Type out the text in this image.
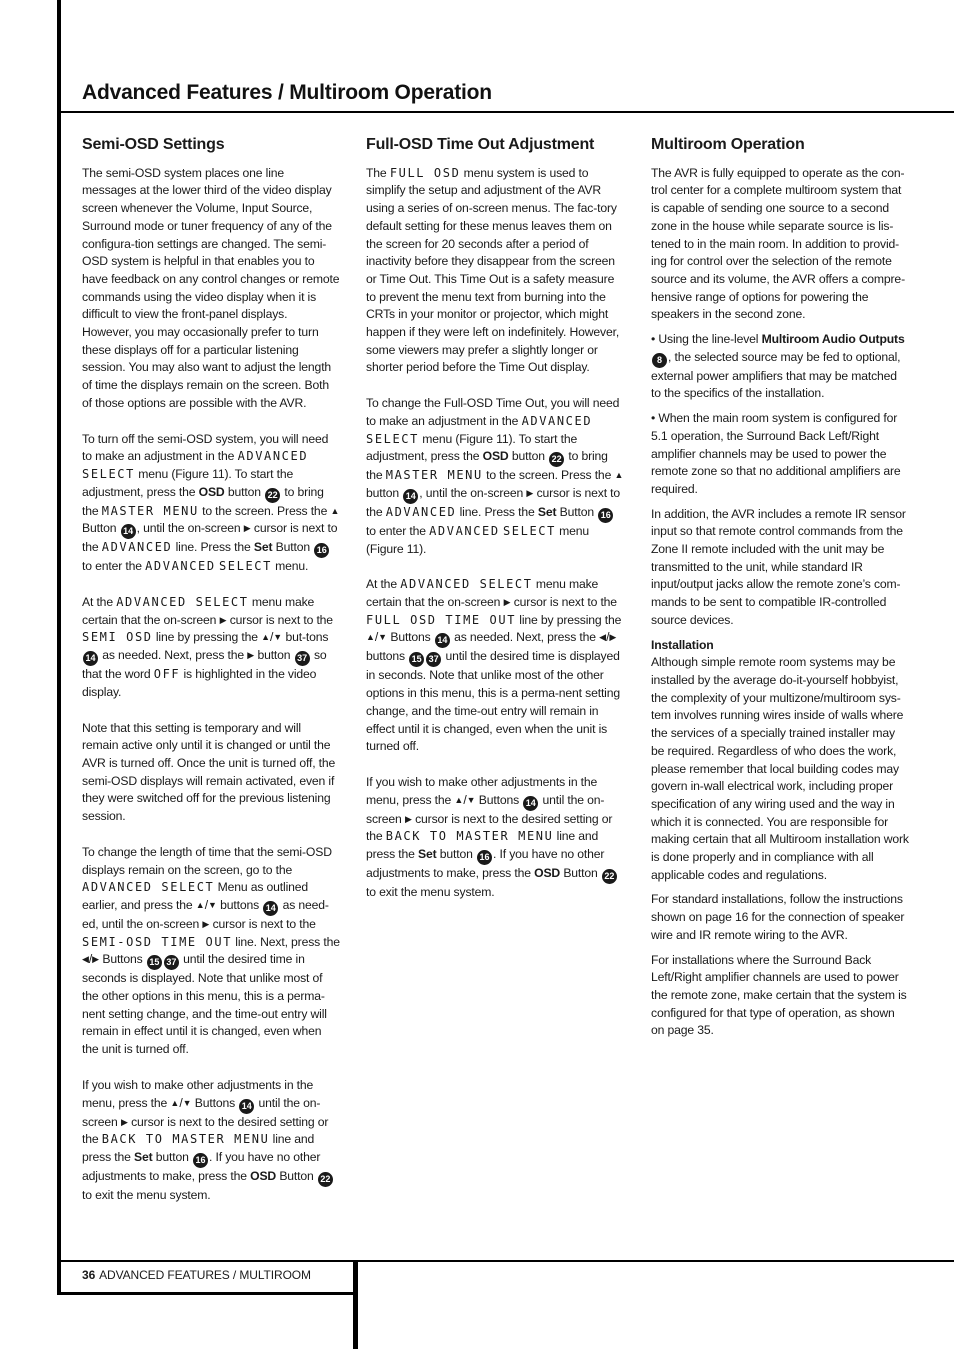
Advanced Features / Multiroom Operation
Semi-OSD Settings

The semi-OSD system places one line messages at the lower third of the video display screen whenever the Volume, Input Source, Surround mode or tuner frequency of any of the configura-tion settings are changed. The semi-OSD system is helpful in that enables you to have feedback on any control changes or remote commands using the video display when it is difficult to view the front-panel displays. However, you may occasionally prefer to turn these displays off for a particular listening session. You may also want to adjust the length of time the displays remain on the screen. Both of those options are possible with the AVR.

To turn off the semi-OSD system, you will need to make an adjustment in the ADVANCED SELECT menu (Figure 11). To start the adjustment, press the OSD button 22 to bring the MASTER MENU to the screen. Press the ▲ Button 14 , until the on-screen ▶ cursor is next to the ADVANCED line. Press the Set Button 16 to enter the ADVANCED SELECT menu.

At the ADVANCED SELECT menu make certain that the on-screen ▶ cursor is next to the SEMI OSD line by pressing the ▲/▼ but-tons 14 as needed. Next, press the ▶ button 37 so that the word OFF is highlighted in the video display.

Note that this setting is temporary and will remain active only until it is changed or until the AVR is turned off. Once the unit is turned off, the semi-OSD displays will remain activated, even if they were switched off for the previous listening session.

To change the length of time that the semi-OSD displays remain on the screen, go to the ADVANCED SELECT Menu as outlined earlier, and press the ▲/▼ buttons 14 as need-ed, until the on-screen ▶ cursor is next to the SEMI-OSD TIME OUT line. Next, press the ◀/▶ Buttons 15 37 until the desired time in seconds is displayed. Note that unlike most of the other options in this menu, this is a perma-nent setting change, and the time-out entry will remain in effect until it is changed, even when the unit is turned off.

If you wish to make other adjustments in the menu, press the ▲/▼ Buttons 14 until the on-screen ▶ cursor is next to the desired setting or the BACK TO MASTER MENU line and press the Set button 16 . If you have no other adjustments to make, press the OSD Button 22 to exit the menu system.

Full-OSD Time Out Adjustment

The FULL OSD menu system is used to simplify the setup and adjustment of the AVR using a series of on-screen menus. The fac-tory default setting for these menus leaves them on the screen for 20 seconds after a period of inactivity before they disappear from the screen or Time Out. This Time Out is a safety measure to prevent the menu text from burning into the CRTs in your monitor or projector, which might happen if they were left on indefinitely. However, some viewers may prefer a slightly longer or shorter period before the Time Out display.

To change the Full-OSD Time Out, you will need to make an adjustment in the ADVANCED SELECT menu (Figure 11). To start the adjustment, press the OSD button 22 to bring the MASTER MENU to the screen. Press the ▲ button 14 , until the on-screen ▶ cursor is next to the ADVANCED line. Press the Set Button 16 to enter the ADVANCED SELECT menu (Figure 11).

At the ADVANCED SELECT menu make certain that the on-screen ▶ cursor is next to the FULL OSD TIME OUT line by pressing the ▲/▼ Buttons 14 as needed. Next, press the ◀/▶ buttons 15 37 until the desired time is displayed in seconds. Note that unlike most of the other options in this menu, this is a perma-nent setting change, and the time-out entry will remain in effect until it is changed, even when the unit is turned off.

If you wish to make other adjustments in the menu, press the ▲/▼ Buttons 14 until the on-screen ▶ cursor is next to the desired setting or the BACK TO MASTER MENU line and press the Set button 16 . If you have no other adjustments to make, press the OSD Button 22 to exit the menu system.

Multiroom Operation

The AVR is fully equipped to operate as the con-trol center for a complete multiroom system that is capable of sending one source to a second zone in the house while separate source is lis-tened to in the main room. In addition to provid-ing for control over the selection of the remote source and its volume, the AVR offers a compre-hensive range of options for powering the speakers in the second zone.

• Using the line-level Multiroom Audio Outputs 8 , the selected source may be fed to optional, external power amplifiers that may be matched to the specifics of the installation.

• When the main room system is configured for 5.1 operation, the Surround Back Left/Right amplifier channels may be used to power the remote zone so that no additional amplifiers are required.

In addition, the AVR includes a remote IR sensor input so that remote control commands from the Zone II remote included with the unit may be transmitted to the unit, while standard IR input/output jacks allow the remote zone’s com-mands to be sent to compatible IR-controlled source devices.

Installation

Although simple remote room systems may be installed by the average do-it-yourself hobbyist, the complexity of your multizone/multiroom sys-tem involves running wires inside of walls where the services of a specially trained installer may be required. Regardless of who does the work, please remember that local building codes may govern in-wall electrical work, including proper specification of any wiring used and the way in which it is connected. You are responsible for making certain that all Multiroom installation work is done properly and in compliance with all applicable codes and regulations.

For standard installations, follow the instructions shown on page 16 for the connection of speaker wire and IR remote wiring to the AVR.

For installations where the Surround Back Left/Right amplifier channels are used to power the remote zone, make certain that the system is configured for that type of operation, as shown on page 35.

36 ADVANCED FEATURES / MULTIROOM
